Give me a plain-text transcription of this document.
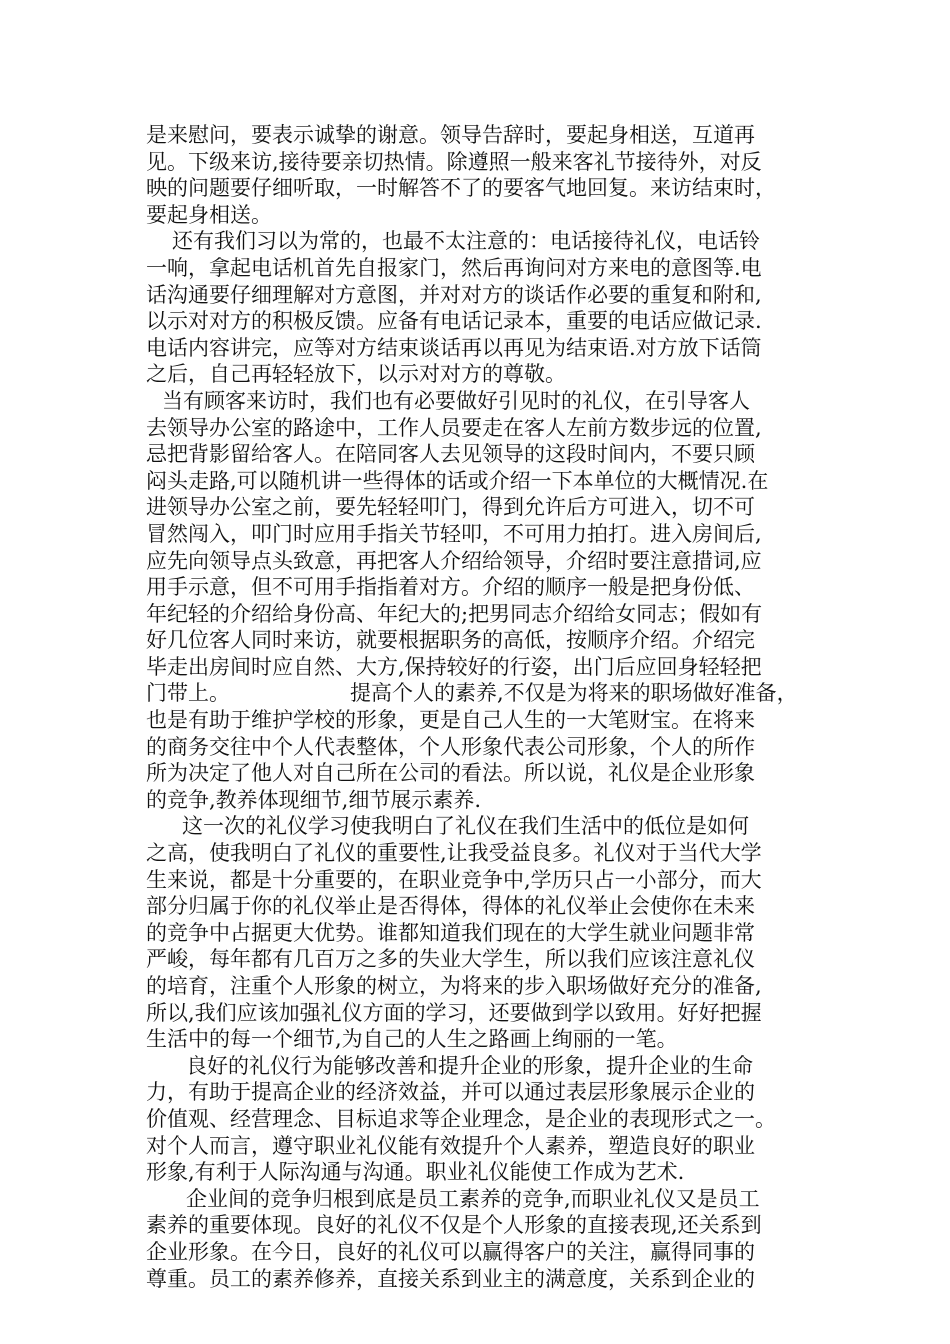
是来慰问，要表示诚挚的谢意。领导告辞时，要起身相送，互道再
见。下级来访,接待要亲切热情。除遵照一般来客礼节接待外，对反
映的问题要仔细听取，一时解答不了的要客气地回复。来访结束时，
要起身相送。
还有我们习以为常的，也最不太注意的：电话接待礼仪，电话铃
一响，拿起电话机首先自报家门，然后再询问对方来电的意图等.电
话沟通要仔细理解对方意图，并对对方的谈话作必要的重复和附和,
以示对对方的积极反馈。应备有电话记录本，重要的电话应做记录.
电话内容讲完，应等对方结束谈话再以再见为结束语.对方放下话筒
之后，自己再轻轻放下，以示对对方的尊敬。
当有顾客来访时，我们也有必要做好引见时的礼仪，在引导客人
去领导办公室的路途中，工作人员要走在客人左前方数步远的位置,
忌把背影留给客人。在陪同客人去见领导的这段时间内，不要只顾
闷头走路,可以随机讲一些得体的话或介绍一下本单位的大概情况.在
进领导办公室之前，要先轻轻叩门，得到允许后方可进入，切不可
冒然闯入，叩门时应用手指关节轻叩，不可用力拍打。进入房间后,
应先向领导点头致意，再把客人介绍给领导，介绍时要注意措词,应
用手示意，但不可用手指指着对方。介绍的顺序一般是把身份低、
年纪轻的介绍给身份高、年纪大的;把男同志介绍给女同志；假如有
好几位客人同时来访，就要根据职务的高低，按顺序介绍。介绍完
毕走出房间时应自然、大方,保持较好的行姿，出门后应回身轻轻把
门带上。	提高个人的素养,不仅是为将来的职场做好准备，
也是有助于维护学校的形象，更是自己人生的一大笔财宝。在将来
的商务交往中个人代表整体，个人形象代表公司形象，个人的所作
所为决定了他人对自己所在公司的看法。所以说，礼仪是企业形象
的竞争,教养体现细节,细节展示素养.
这一次的礼仪学习使我明白了礼仪在我们生活中的低位是如何
之高，使我明白了礼仪的重要性,让我受益良多。礼仪对于当代大学
生来说，都是十分重要的，在职业竞争中,学历只占一小部分，而大
部分归属于你的礼仪举止是否得体，得体的礼仪举止会使你在未来
的竞争中占据更大优势。谁都知道我们现在的大学生就业问题非常
严峻，每年都有几百万之多的失业大学生，所以我们应该注意礼仪
的培育，注重个人形象的树立，为将来的步入职场做好充分的准备,
所以,我们应该加强礼仪方面的学习，还要做到学以致用。好好把握
生活中的每一个细节,为自己的人生之路画上绚丽的一笔。
良好的礼仪行为能够改善和提升企业的形象，提升企业的生命
力，有助于提高企业的经济效益，并可以通过表层形象展示企业的
价值观、经营理念、目标追求等企业理念，是企业的表现形式之一。
对个人而言，遵守职业礼仪能有效提升个人素养，塑造良好的职业
形象,有利于人际沟通与沟通。职业礼仪能使工作成为艺术.
企业间的竞争归根到底是员工素养的竞争,而职业礼仪又是员工
素养的重要体现。良好的礼仪不仅是个人形象的直接表现,还关系到
企业形象。在今日，良好的礼仪可以赢得客户的关注，赢得同事的
尊重。员工的素养修养，直接关系到业主的满意度，关系到企业的
